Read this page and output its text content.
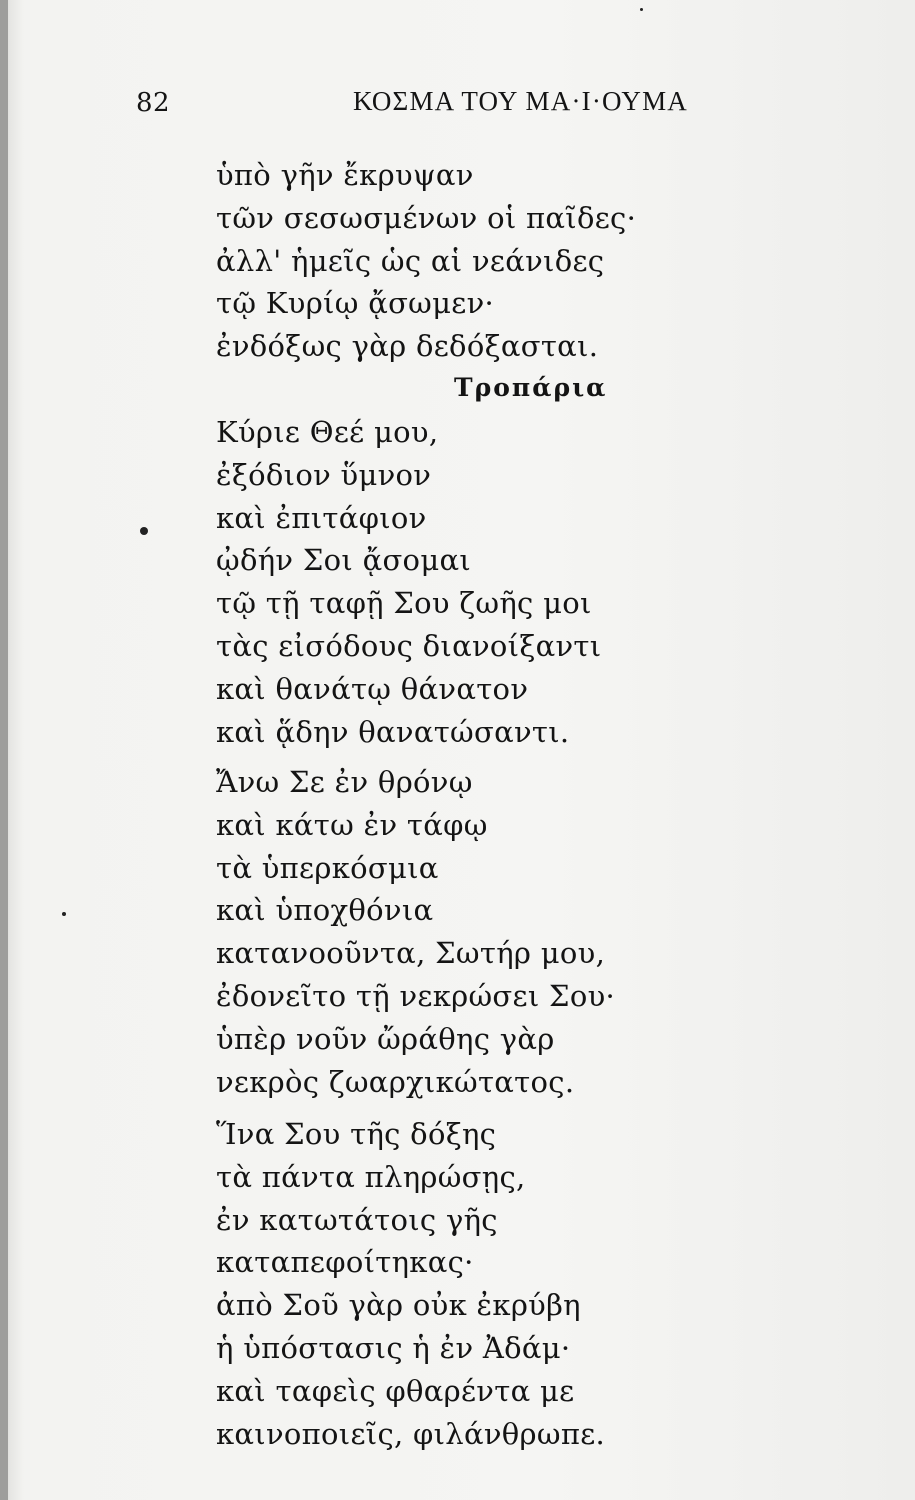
82	ΚΟΣΜΑ ΤΟΥ ΜΑ·Ι·ΟΥΜΑ
ὑπὸ γῆν ἔκρυψαν
τῶν σεσωσμένων οἱ παῖδες·
ἀλλ' ἡμεῖς ὡς αἱ νεάνιδες
τῷ Κυρίῳ ᾄσωμεν·
ἐνδόξως γὰρ δεδόξασται.
Τροπάρια
Κύριε Θεέ μου,
ἐξόδιον ὕμνον
καὶ ἐπιτάφιον
ᾠδήν Σοι ᾄσομαι
τῷ τῇ ταφῇ Σου ζωῆς μοι
τὰς εἰσόδους διανοίξαντι
καὶ θανάτῳ θάνατον
καὶ ᾅδην θανατώσαντι.
Ἄνω Σε ἐν θρόνῳ
καὶ κάτω ἐν τάφῳ
τὰ ὑπερκόσμια
καὶ ὑποχθόνια
κατανοοῦντα, Σωτήρ μου,
ἐδονεῖτο τῇ νεκρώσει Σου·
ὑπὲρ νοῦν ὤράθης γὰρ
νεκρὸς ζωαρχικώτατος.
Ἵνα Σου τῆς δόξης
τὰ πάντα πληρώσῃς,
ἐν κατωτάτοις γῆς
καταπεφοίτηκας·
ἀπὸ Σοῦ γὰρ οὐκ ἐκρύβη
ἡ ὑπόστασις ἡ ἐν Ἀδάμ·
καὶ ταφεὶς φθαρέντα με
καινοποιεῖς, φιλάνθρωπε.
